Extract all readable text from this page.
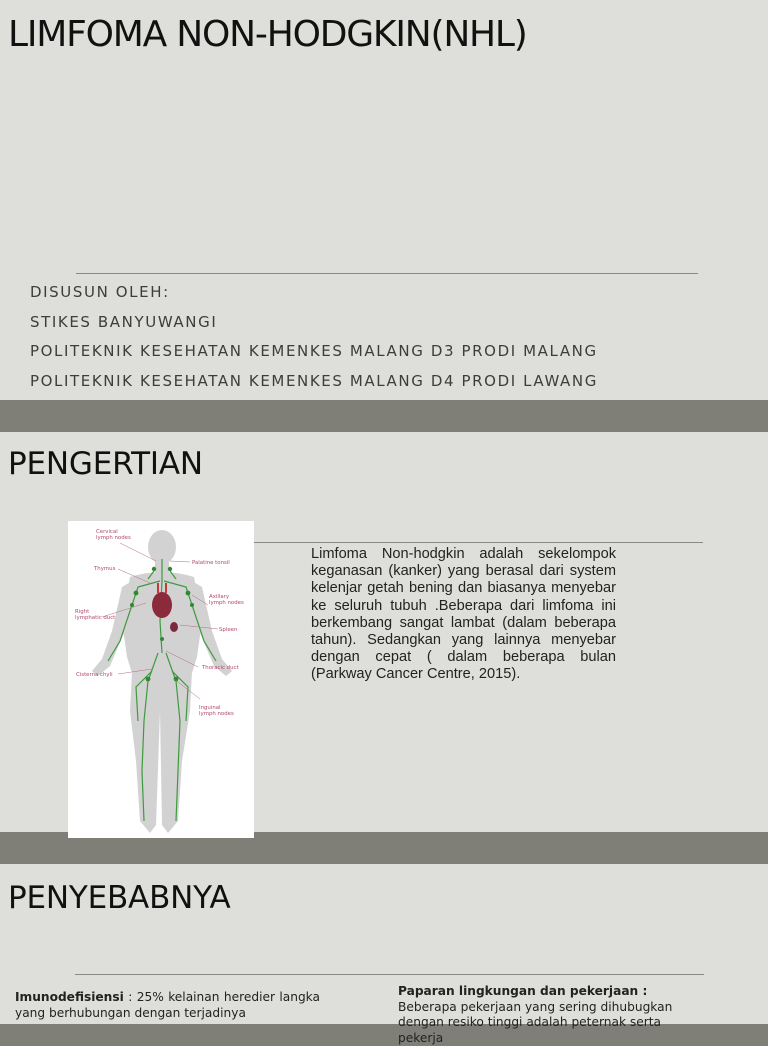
LIMFOMA NON-HODGKIN(NHL)
DISUSUN OLEH:
STIKES BANYUWANGI
POLITEKNIK KESEHATAN KEMENKES MALANG D3 PRODI MALANG
POLITEKNIK KESEHATAN KEMENKES MALANG D4 PRODI LAWANG
PENGERTIAN
Cervical
lymph nodes
Palatine tonsil
Thymus
Axillary
lymph nodes
Right
lymphatic duct
Spleen
Thoracic duct
Cisterna chyli
Inguinal
lymph nodes

Limfoma Non-hodgkin adalah sekelompok keganasan (kanker) yang berasal dari system kelenjar getah bening dan biasanya menyebar ke seluruh tubuh .Beberapa dari limfoma ini berkembang sangat lambat (dalam beberapa tahun). Sedangkan yang lainnya menyebar dengan cepat ( dalam beberapa bulan (Parkway Cancer Centre, 2015).

PENYEBABNYA

Imunodefisiensi : 25% kelainan heredier langka yang berhubungan dengan terjadinya

Paparan lingkungan dan pekerjaan : Beberapa pekerjaan yang sering dihubugkan dengan resiko tinggi adalah peternak serta pekerja
